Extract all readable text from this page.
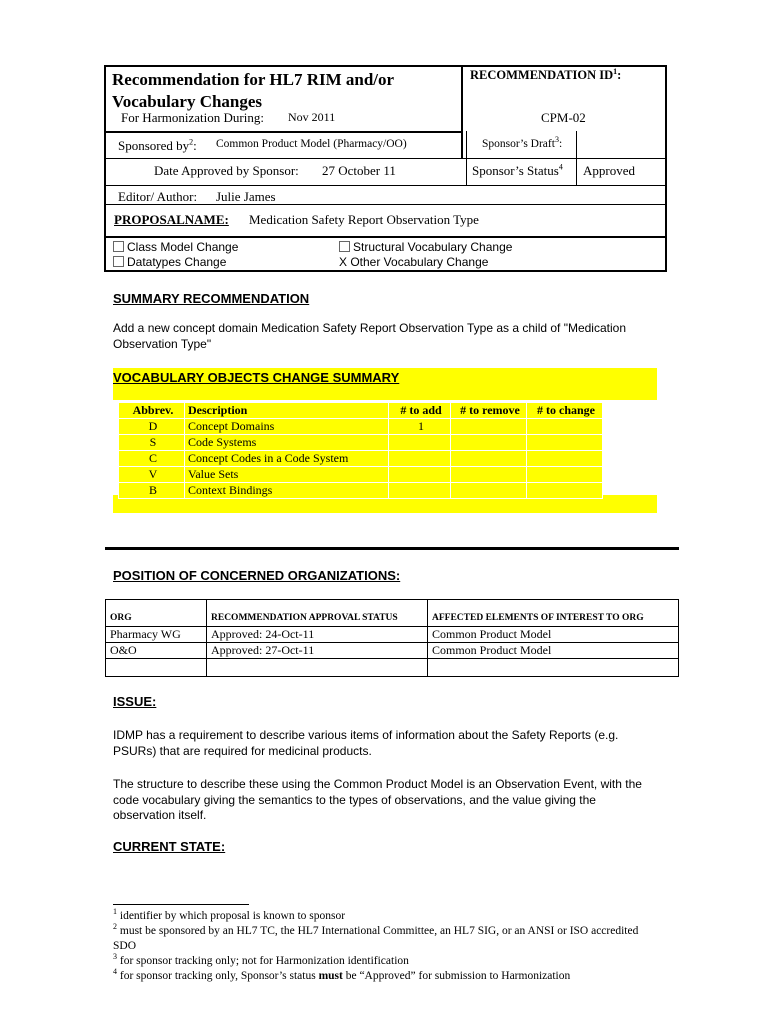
Recommendation for HL7 RIM and/or
Vocabulary Changes
For Harmonization During: Nov 2011
RECOMMENDATION $ID^1$:
CPM-02
Sponsored $by^2$: Common Product Model (Pharmacy/OO)	Sponsor’s Draft$^3$:
Date Approved by Sponsor: 27 October 11	Sponsor’s Status$^4$ Approved
Editor/ Author: Julie James
PROPOSALNAME: Medication Safety Report Observation Type
Class Model Change
Datatypes Change
Structural Vocabulary Change
X Other Vocabulary Change
SUMMARY RECOMMENDATION
Add a new concept domain Medication Safety Report Observation Type as a child of "Medication Observation Type"
VOCABULARY OBJECTS CHANGE SUMMARY
Abbrev.	Description	# to add	# to remove	# to change
D	Concept Domains	1		
S	Code Systems			
C	Concept Codes in a Code System			
V	Value Sets			
B	Context Bindings			
POSITION OF CONCERNED ORGANIZATIONS:
ORG	RECOMMENDATION APPROVAL STATUS	AFFECTED ELEMENTS OF INTEREST TO ORG
Pharmacy WG	Approved: 24-Oct-11	Common Product Model
O&O	Approved: 27-Oct-11	Common Product Model

ISSUE:
IDMP has a requirement to describe various items of information about the Safety Reports (e.g. PSURs) that are required for medicinal products.
The structure to describe these using the Common Product Model is an Observation Event, with the code vocabulary giving the semantics to the types of observations, and the value giving the observation itself.
CURRENT STATE:
$^1$ identifier by which proposal is known to sponsor
$^2$ must be sponsored by an HL7 TC, the HL7 International Committee, an HL7 SIG, or an ANSI or ISO accredited SDO
$^3$ for sponsor tracking only; not for Harmonization identification
$^4$ for sponsor tracking only, Sponsor’s status must be “Approved” for submission to Harmonization
